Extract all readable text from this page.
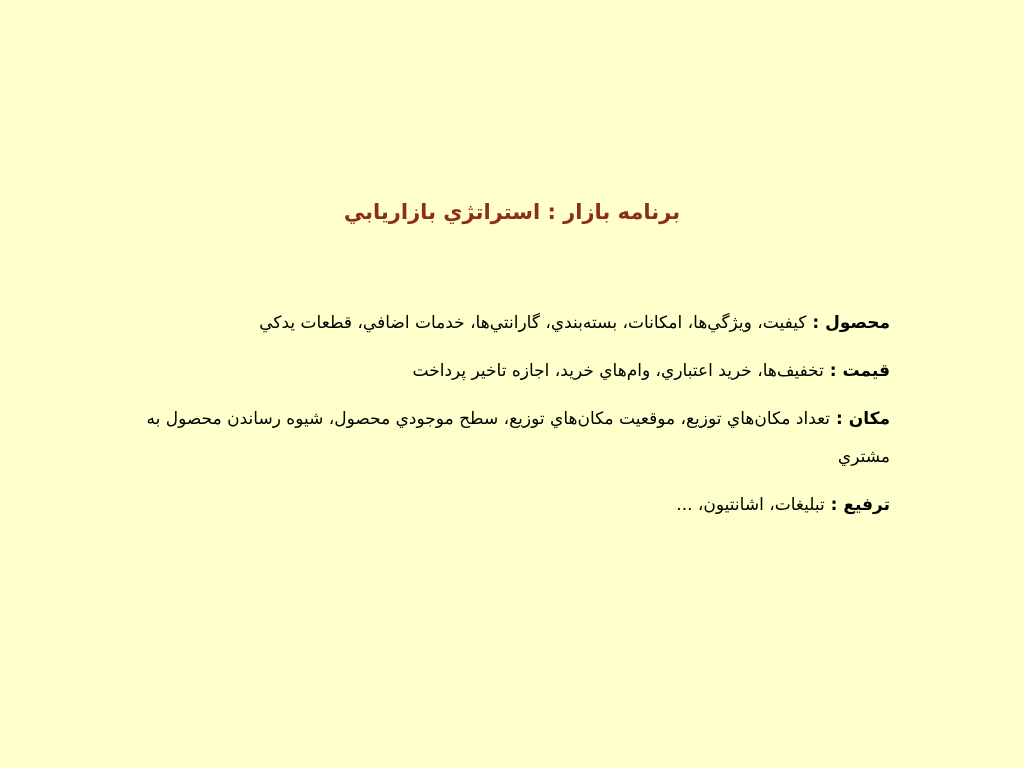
برنامه بازار : استراتژي بازاريابي
محصول : كيفيت، ويژگي‌ها، امكانات، بسته‌بندي، گارانتي‌ها، خدمات اضافي، قطعات يدكي
قيمت : تخفيف‌ها، خريد اعتباري، وام‌هاي خريد، اجازه تاخير پرداخت
مكان : تعداد مكان‌هاي توزيع، موقعيت مكان‌هاي توزيع، سطح موجودي محصول، شيوه رساندن محصول به مشتري
ترفيع : تبليغات، اشانتيون، ...
